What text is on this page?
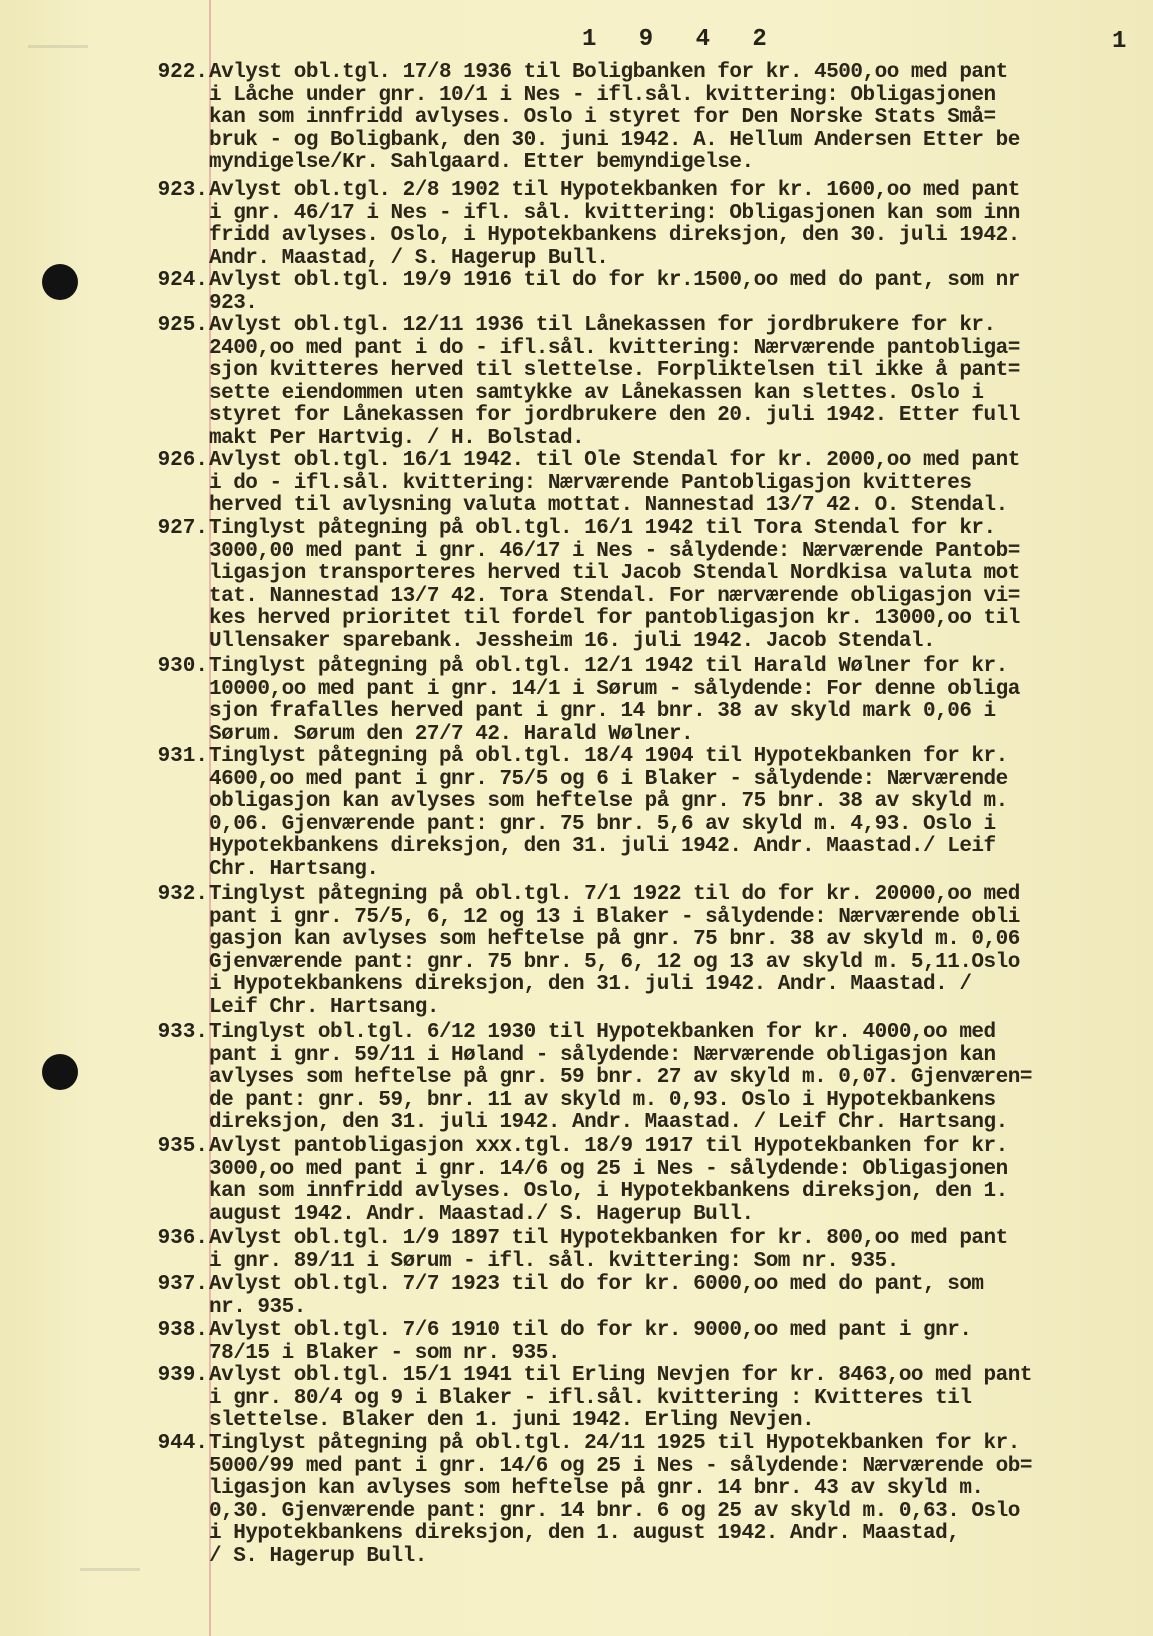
1 9 4 2	1
922. Avlyst obl.tgl. 17/8 1936 til Boligbanken for kr. 4500,oo med pant
i Låche under gnr. 10/1 i Nes - ifl.sål. kvittering: Obligasjonen
kan som innfridd avlyses. Oslo i styret for Den Norske Stats Små=
bruk - og Boligbank, den 30. juni 1942. A. Hellum Andersen Etter be
myndigelse/Kr. Sahlgaard. Etter bemyndigelse.
923. Avlyst obl.tgl. 2/8 1902 til Hypotekbanken for kr. 1600,oo med pant
i gnr. 46/17 i Nes - ifl. sål. kvittering: Obligasjonen kan som inn
fridd avlyses. Oslo, i Hypotekbankens direksjon, den 30. juli 1942.
Andr. Maastad, / S. Hagerup Bull.
924. Avlyst obl.tgl. 19/9 1916 til do for kr.1500,oo med do pant, som nr
923.
925. Avlyst obl.tgl. 12/11 1936 til Lånekassen for jordbrukere for kr.
2400,oo med pant i do - ifl.sål. kvittering: Nærværende pantobliga=
sjon kvitteres herved til slettelse. Forpliktelsen til ikke å pant=
sette eiendommen uten samtykke av Lånekassen kan slettes. Oslo i
styret for Lånekassen for jordbrukere den 20. juli 1942. Etter full
makt Per Hartvig. / H. Bolstad.
926. Avlyst obl.tgl. 16/1 1942. til Ole Stendal for kr. 2000,oo med pant
i do - ifl.sål. kvittering: Nærværende Pantobligasjon kvitteres
herved til avlysning valuta mottat. Nannestad 13/7 42. O. Stendal.
927. Tinglyst påtegning på obl.tgl. 16/1 1942 til Tora Stendal for kr.
3000,00 med pant i gnr. 46/17 i Nes - sålydende: Nærværende Pantob=
ligasjon transporteres herved til Jacob Stendal Nordkisa valuta mot
tat. Nannestad 13/7 42. Tora Stendal. For nærværende obligasjon vi=
kes herved prioritet til fordel for pantobligasjon kr. 13000,oo til
Ullensaker sparebank. Jessheim 16. juli 1942. Jacob Stendal.
930. Tinglyst påtegning på obl.tgl. 12/1 1942 til Harald Wølner for kr.
10000,oo med pant i gnr. 14/1 i Sørum - sålydende: For denne obliga
sjon frafalles herved pant i gnr. 14 bnr. 38 av skyld mark 0,06 i
Sørum. Sørum den 27/7 42. Harald Wølner.
931. Tinglyst påtegning på obl.tgl. 18/4 1904 til Hypotekbanken for kr.
4600,oo med pant i gnr. 75/5 og 6 i Blaker - sålydende: Nærværende
obligasjon kan avlyses som heftelse på gnr. 75 bnr. 38 av skyld m.
0,06. Gjenværende pant: gnr. 75 bnr. 5,6 av skyld m. 4,93. Oslo i
Hypotekbankens direksjon, den 31. juli 1942. Andr. Maastad./ Leif
Chr. Hartsang.
932. Tinglyst påtegning på obl.tgl. 7/1 1922 til do for kr. 20000,oo med
pant i gnr. 75/5, 6, 12 og 13 i Blaker - sålydende: Nærværende obli
gasjon kan avlyses som heftelse på gnr. 75 bnr. 38 av skyld m. 0,06
Gjenværende pant: gnr. 75 bnr. 5, 6, 12 og 13 av skyld m. 5,11.Oslo
i Hypotekbankens direksjon, den 31. juli 1942. Andr. Maastad. /
Leif Chr. Hartsang.
933. Tinglyst obl.tgl. 6/12 1930 til Hypotekbanken for kr. 4000,oo med
pant i gnr. 59/11 i Høland - sålydende: Nærværende obligasjon kan
avlyses som heftelse på gnr. 59 bnr. 27 av skyld m. 0,07. Gjenværen=
de pant: gnr. 59, bnr. 11 av skyld m. 0,93. Oslo i Hypotekbankens
direksjon, den 31. juli 1942. Andr. Maastad. / Leif Chr. Hartsang.
935. Avlyst pantobligasjon xxx.tgl. 18/9 1917 til Hypotekbanken for kr.
3000,oo med pant i gnr. 14/6 og 25 i Nes - sålydende: Obligasjonen
kan som innfridd avlyses. Oslo, i Hypotekbankens direksjon, den 1.
august 1942. Andr. Maastad./ S. Hagerup Bull.
936. Avlyst obl.tgl. 1/9 1897 til Hypotekbanken for kr. 800,oo med pant
i gnr. 89/11 i Sørum - ifl. sål. kvittering: Som nr. 935.
937. Avlyst obl.tgl. 7/7 1923 til do for kr. 6000,oo med do pant, som
nr. 935.
938. Avlyst obl.tgl. 7/6 1910 til do for kr. 9000,oo med pant i gnr.
78/15 i Blaker - som nr. 935.
939. Avlyst obl.tgl. 15/1 1941 til Erling Nevjen for kr. 8463,oo med pant
i gnr. 80/4 og 9 i Blaker - ifl.sål. kvittering : Kvitteres til
slettelse. Blaker den 1. juni 1942. Erling Nevjen.
944. Tinglyst påtegning på obl.tgl. 24/11 1925 til Hypotekbanken for kr.
5000/99 med pant i gnr. 14/6 og 25 i Nes - sålydende: Nærværende ob=
ligasjon kan avlyses som heftelse på gnr. 14 bnr. 43 av skyld m.
0,30. Gjenværende pant: gnr. 14 bnr. 6 og 25 av skyld m. 0,63. Oslo
i Hypotekbankens direksjon, den 1. august 1942. Andr. Maastad,
/ S. Hagerup Bull.
